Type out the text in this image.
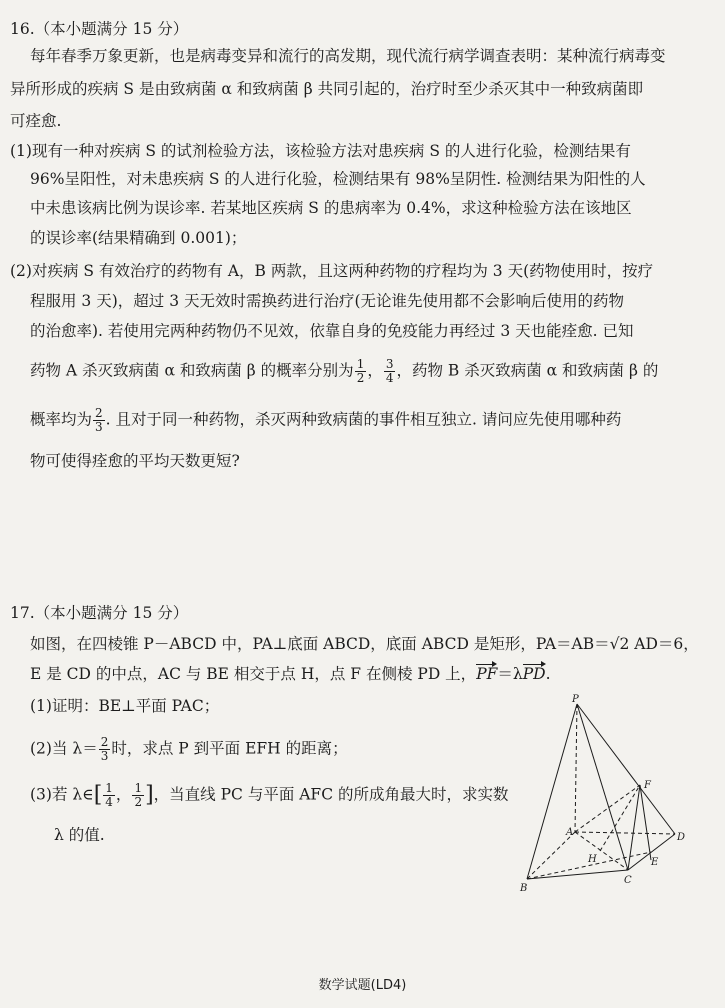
16.（本小题满分 15 分）
每年春季万象更新，也是病毒变异和流行的高发期，现代流行病学调查表明：某种流行病毒变
异所形成的疾病 S 是由致病菌 α 和致病菌 β 共同引起的，治疗时至少杀灭其中一种致病菌即
可痊愈.
(1)现有一种对疾病 S 的试剂检验方法，该检验方法对患疾病 S 的人进行化验，检测结果有
96%呈阳性，对未患疾病 S 的人进行化验，检测结果有 98%呈阴性. 检测结果为阳性的人
中未患该病比例为误诊率. 若某地区疾病 S 的患病率为 0.4%，求这种检验方法在该地区
的误诊率(结果精确到 0.001)；
(2)对疾病 S 有效治疗的药物有 A，B 两款，且这两种药物的疗程均为 3 天(药物使用时，按疗
程服用 3 天)，超过 3 天无效时需换药进行治疗(无论谁先使用都不会影响后使用的药物
的治愈率). 若使用完两种药物仍不见效，依靠自身的免疫能力再经过 3 天也能痊愈. 已知
药物 A 杀灭致病菌 α 和致病菌 β 的概率分别为 $\frac{1}{2}$ ， $\frac{3}{4}$ ，药物 B 杀灭致病菌 α 和致病菌 β 的
概率均为 $\frac{2}{3}$ . 且对于同一种药物，杀灭两种致病菌的事件相互独立. 请问应先使用哪种药
物可使得痊愈的平均天数更短?
17.（本小题满分 15 分）
如图，在四棱锥 P－ABCD 中，PA⊥底面 ABCD，底面 ABCD 是矩形，PA＝AB＝√2 AD＝6，
E 是 CD 的中点，AC 与 BE 相交于点 H，点 F 在侧棱 PD 上，PF＝λPD.
(1)证明：BE⊥平面 PAC；
(2)当 $\lambda= \frac{2}{3}$ 时，求点 P 到平面 EFH 的距离；
(3)若 λ∈[ $\frac{1}{4}$ ， $\frac{1}{2}$ ]，当直线 PC 与平面 AFC 的所成角最大时，求实数
λ 的值.
P
A
B
C
D
E
F
H
数学试题(LD4)
